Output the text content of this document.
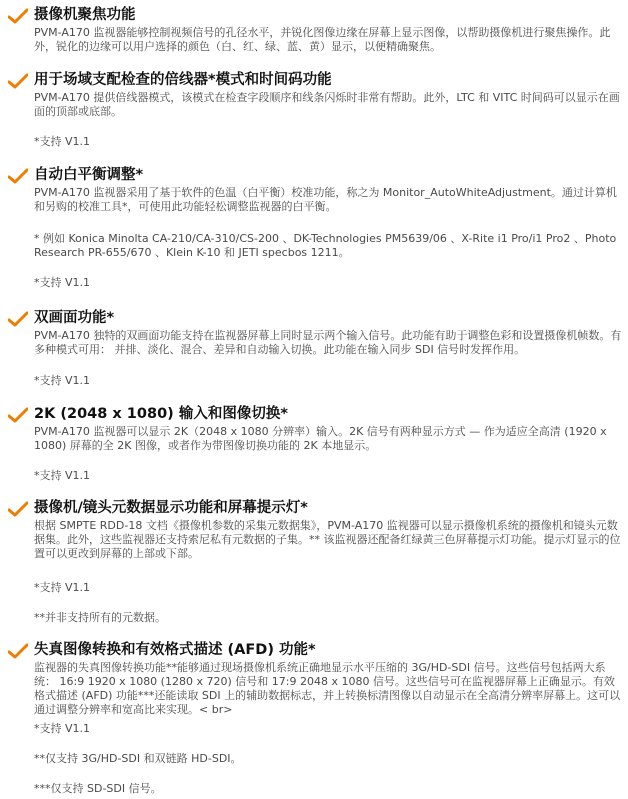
摄像机聚焦功能
PVM-A170 监视器能够控制视频信号的孔径水平，并锐化图像边缘在屏幕上显示图像，以帮助摄像机进行聚焦操作。此外，锐化的边缘可以用户选择的颜色（白、红、绿、蓝、黄）显示，以便精确聚焦。
用于场域支配检查的倍线器*模式和时间码功能
PVM-A170 提供倍线器模式，该模式在检查字段顺序和线条闪烁时非常有帮助。此外，LTC 和 VITC 时间码可以显示在画面的顶部或底部。
*支持 V1.1
自动白平衡调整*
PVM-A170 监视器采用了基于软件的色温（白平衡）校准功能，称之为 Monitor_AutoWhiteAdjustment。通过计算机和另购的校准工具*，可使用此功能轻松调整监视器的白平衡。
* 例如 Konica Minolta CA-210/CA-310/CS-200 、DK-Technologies PM5639/06 、X-Rite i1 Pro/i1 Pro2 、Photo Research PR-655/670 、Klein K-10 和 JETI specbos 1211。
*支持 V1.1
双画面功能*
PVM-A170 独特的双画面功能支持在监视器屏幕上同时显示两个输入信号。此功能有助于调整色彩和设置摄像机帧数。有多种模式可用： 并排、淡化、混合、差异和自动输入切换。此功能在输入同步 SDI 信号时发挥作用。
*支持 V1.1
2K (2048 x 1080) 输入和图像切换*
PVM-A170 监视器可以显示 2K（2048 x 1080 分辨率）输入。2K 信号有两种显示方式 — 作为适应全高清 (1920 x 1080) 屏幕的全 2K 图像，或者作为带图像切换功能的 2K 本地显示。
*支持 V1.1
摄像机/镜头元数据显示功能和屏幕提示灯*
根据 SMPTE RDD-18 文档《摄像机参数的采集元数据集》，PVM-A170 监视器可以显示摄像机系统的摄像机和镜头元数据集。此外，这些监视器还支持索尼私有元数据的子集。** 该监视器还配备红绿黄三色屏幕提示灯功能。提示灯显示的位置可以更改到屏幕的上部或下部。
*支持 V1.1
**并非支持所有的元数据。
失真图像转换和有效格式描述 (AFD) 功能*
监视器的失真图像转换功能**能够通过现场摄像机系统正确地显示水平压缩的 3G/HD-SDI 信号。这些信号包括两大系统： 16:9 1920 x 1080 (1280 x 720) 信号和 17:9 2048 x 1080 信号。这些信号可在监视器屏幕上正确显示。有效格式描述 (AFD) 功能***还能读取 SDI 上的辅助数据标志，并上转换标清图像以自动显示在全高清分辨率屏幕上。这可以通过调整分辨率和宽高比来实现。< br>
*支持 V1.1
**仅支持 3G/HD-SDI 和双链路 HD-SDI。
***仅支持 SD-SDI 信号。
